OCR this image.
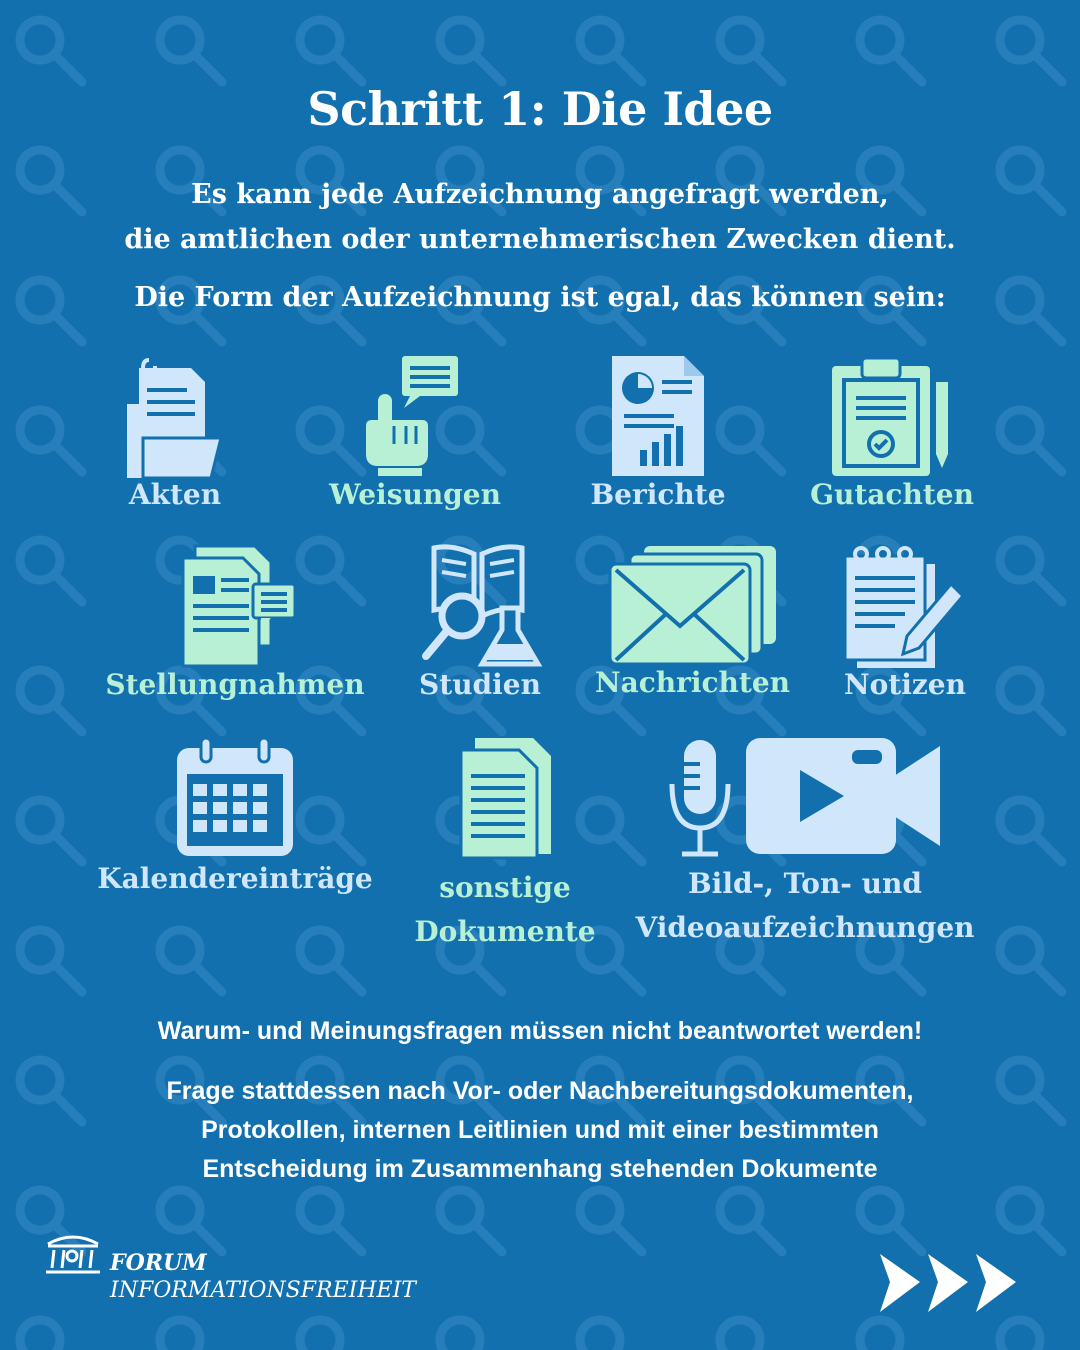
Schritt 1: Die Idee
Es kann jede Aufzeichnung angefragt werden,
die amtlichen oder unternehmerischen Zwecken dient.
Die Form der Aufzeichnung ist egal, das können sein:
Akten	Weisungen	Berichte	Gutachten
Stellungnahmen	Studien	Nachrichten	Notizen
Kalendereinträge	sonstige
Dokumente
Bild-, Ton- und
Videoaufzeichnungen
Warum- und Meinungsfragen müssen nicht beantwortet werden!
Frage stattdessen nach Vor- oder Nachbereitungsdokumenten,
Protokollen, internen Leitlinien und mit einer bestimmten
Entscheidung im Zusammenhang stehenden Dokumente
FORUM
INFORMATIONSFREIHEIT
